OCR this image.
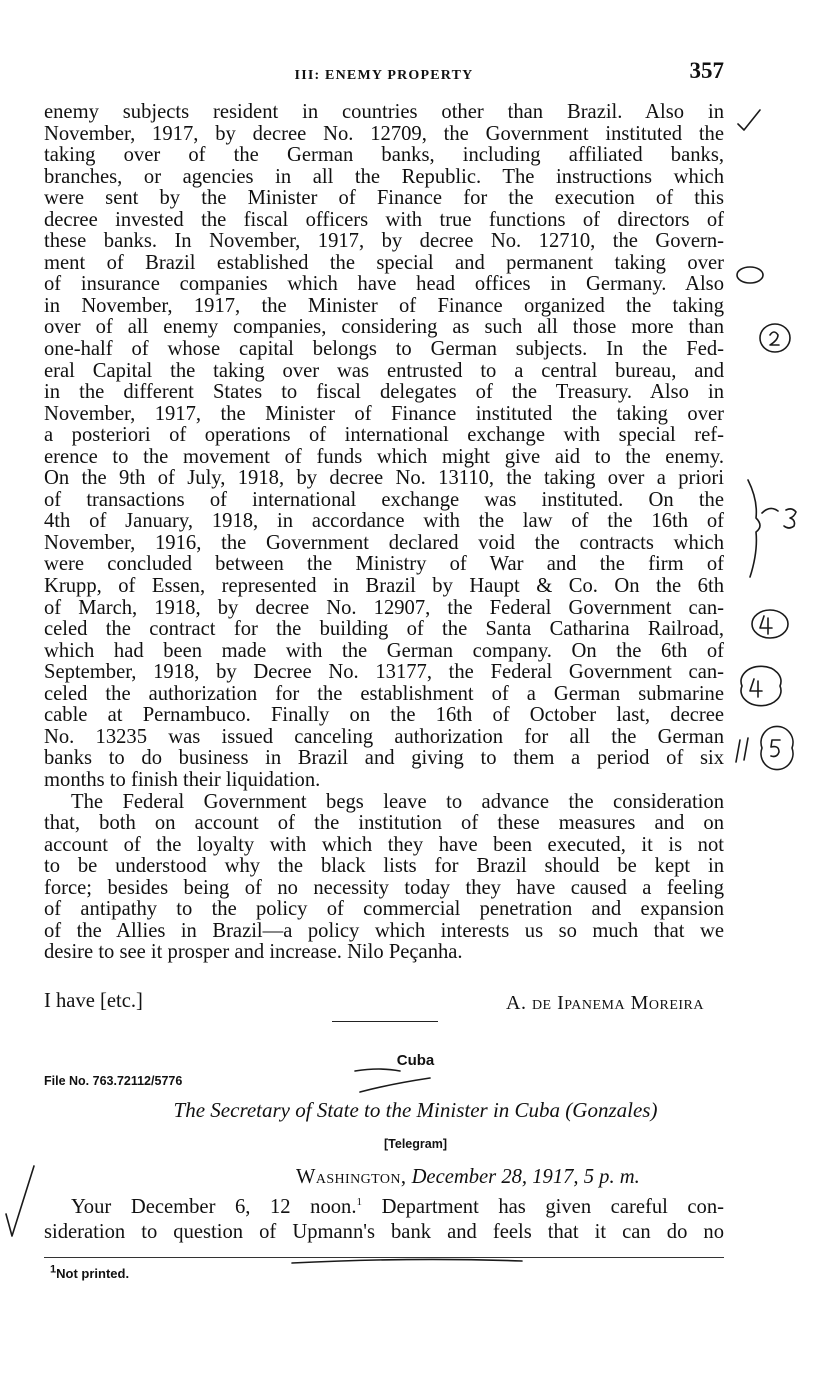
III: ENEMY PROPERTY	357
enemy subjects resident in countries other than Brazil. Also in
November, 1917, by decree No. 12709, the Government instituted the
taking over of the German banks, including affiliated banks,
branches, or agencies in all the Republic. The instructions which
were sent by the Minister of Finance for the execution of this
decree invested the fiscal officers with true functions of directors of
these banks. In November, 1917, by decree No. 12710, the Govern-
ment of Brazil established the special and permanent taking over
of insurance companies which have head offices in Germany. Also
in November, 1917, the Minister of Finance organized the taking
over of all enemy companies, considering as such all those more than
one-half of whose capital belongs to German subjects. In the Fed-
eral Capital the taking over was entrusted to a central bureau, and
in the different States to fiscal delegates of the Treasury. Also in
November, 1917, the Minister of Finance instituted the taking over
a posteriori of operations of international exchange with special ref-
erence to the movement of funds which might give aid to the enemy.
On the 9th of July, 1918, by decree No. 13110, the taking over a priori
of transactions of international exchange was instituted. On the
4th of January, 1918, in accordance with the law of the 16th of
November, 1916, the Government declared void the contracts which
were concluded between the Ministry of War and the firm of
Krupp, of Essen, represented in Brazil by Haupt & Co. On the 6th
of March, 1918, by decree No. 12907, the Federal Government can-
celed the contract for the building of the Santa Catharina Railroad,
which had been made with the German company. On the 6th of
September, 1918, by Decree No. 13177, the Federal Government can-
celed the authorization for the establishment of a German submarine
cable at Pernambuco. Finally on the 16th of October last, decree
No. 13235 was issued canceling authorization for all the German
banks to do business in Brazil and giving to them a period of six
months to finish their liquidation.
The Federal Government begs leave to advance the consideration
that, both on account of the institution of these measures and on
account of the loyalty with which they have been executed, it is not
to be understood why the black lists for Brazil should be kept in
force; besides being of no necessity today they have caused a feeling
of antipathy to the policy of commercial penetration and expansion
of the Allies in Brazil—a policy which interests us so much that we
desire to see it prosper and increase. Nilo Peçanha.
I have [etc.]	A. de Ipanema Moreira
Cuba
File No. 763.72112/5776
The Secretary of State to the Minister in Cuba (Gonzales)
[Telegram]
Washington, December 28, 1917, 5 p. m.
Your December 6, 12 noon.$^1$ Department has given careful con-
sideration to question of Upmann's bank and feels that it can do no
$^1$Not printed.
